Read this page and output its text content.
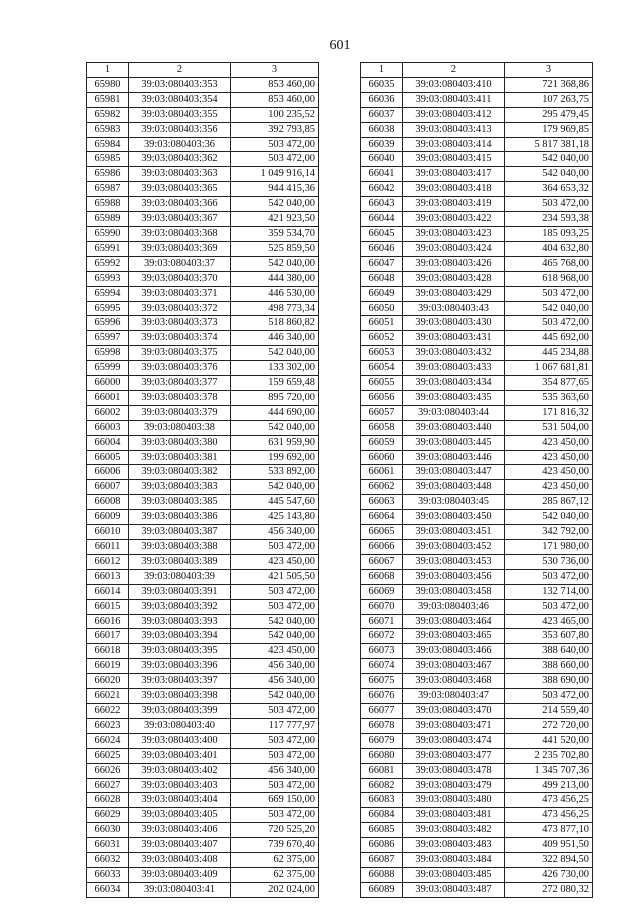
601
1	2	3
65980	39:03:080403:353	853 460,00
65981	39:03:080403:354	853 460,00
65982	39:03:080403:355	100 235,52
65983	39:03:080403:356	392 793,85
65984	39:03:080403:36	503 472,00
65985	39:03:080403:362	503 472,00
65986	39:03:080403:363	1 049 916,14
65987	39:03:080403:365	944 415,36
65988	39:03:080403:366	542 040,00
65989	39:03:080403:367	421 923,50
65990	39:03:080403:368	359 534,70
65991	39:03:080403:369	525 859,50
65992	39:03:080403:37	542 040,00
65993	39:03:080403:370	444 380,00
65994	39:03:080403:371	446 530,00
65995	39:03:080403:372	498 773,34
65996	39:03:080403:373	518 860,82
65997	39:03:080403:374	446 340,00
65998	39:03:080403:375	542 040,00
65999	39:03:080403:376	133 302,00
66000	39:03:080403:377	159 659,48
66001	39:03:080403:378	895 720,00
66002	39:03:080403:379	444 690,00
66003	39:03:080403:38	542 040,00
66004	39:03:080403:380	631 959,90
66005	39:03:080403:381	199 692,00
66006	39:03:080403:382	533 892,00
66007	39:03:080403:383	542 040,00
66008	39:03:080403:385	445 547,60
66009	39:03:080403:386	425 143,80
66010	39:03:080403:387	456 340,00
66011	39:03:080403:388	503 472,00
66012	39:03:080403:389	423 450,00
66013	39:03:080403:39	421 505,50
66014	39:03:080403:391	503 472,00
66015	39:03:080403:392	503 472,00
66016	39:03:080403:393	542 040,00
66017	39:03:080403:394	542 040,00
66018	39:03:080403:395	423 450,00
66019	39:03:080403:396	456 340,00
66020	39:03:080403:397	456 340,00
66021	39:03:080403:398	542 040,00
66022	39:03:080403:399	503 472,00
66023	39:03:080403:40	117 777,97
66024	39:03:080403:400	503 472,00
66025	39:03:080403:401	503 472,00
66026	39:03:080403:402	456 340,00
66027	39:03:080403:403	503 472,00
66028	39:03:080403:404	669 150,00
66029	39:03:080403:405	503 472,00
66030	39:03:080403:406	720 525,20
66031	39:03:080403:407	739 670,40
66032	39:03:080403:408	62 375,00
66033	39:03:080403:409	62 375,00
66034	39:03:080403:41	202 024,00
1	2	3
66035	39:03:080403:410	721 368,86
66036	39:03:080403:411	107 263,75
66037	39:03:080403:412	295 479,45
66038	39:03:080403:413	179 969,85
66039	39:03:080403:414	5 817 381,18
66040	39:03:080403:415	542 040,00
66041	39:03:080403:417	542 040,00
66042	39:03:080403:418	364 653,32
66043	39:03:080403:419	503 472,00
66044	39:03:080403:422	234 593,38
66045	39:03:080403:423	185 093,25
66046	39:03:080403:424	404 632,80
66047	39:03:080403:426	465 768,00
66048	39:03:080403:428	618 968,00
66049	39:03:080403:429	503 472,00
66050	39:03:080403:43	542 040,00
66051	39:03:080403:430	503 472,00
66052	39:03:080403:431	445 692,00
66053	39:03:080403:432	445 234,88
66054	39:03:080403:433	1 067 681,81
66055	39:03:080403:434	354 877,65
66056	39:03:080403:435	535 363,60
66057	39:03:080403:44	171 816,32
66058	39:03:080403:440	531 504,00
66059	39:03:080403:445	423 450,00
66060	39:03:080403:446	423 450,00
66061	39:03:080403:447	423 450,00
66062	39:03:080403:448	423 450,00
66063	39:03:080403:45	285 867,12
66064	39:03:080403:450	542 040,00
66065	39:03:080403:451	342 792,00
66066	39:03:080403:452	171 980,00
66067	39:03:080403:453	530 736,00
66068	39:03:080403:456	503 472,00
66069	39:03:080403:458	132 714,00
66070	39:03:080403:46	503 472,00
66071	39:03:080403:464	423 465,00
66072	39:03:080403:465	353 607,80
66073	39:03:080403:466	388 640,00
66074	39:03:080403:467	388 660,00
66075	39:03:080403:468	388 690,00
66076	39:03:080403:47	503 472,00
66077	39:03:080403:470	214 559,40
66078	39:03:080403:471	272 720,00
66079	39:03:080403:474	441 520,00
66080	39:03:080403:477	2 235 702,80
66081	39:03:080403:478	1 345 707,36
66082	39:03:080403:479	499 213,00
66083	39:03:080403:480	473 456,25
66084	39:03:080403:481	473 456,25
66085	39:03:080403:482	473 877,10
66086	39:03:080403:483	409 951,50
66087	39:03:080403:484	322 894,50
66088	39:03:080403:485	426 730,00
66089	39:03:080403:487	272 080,32
